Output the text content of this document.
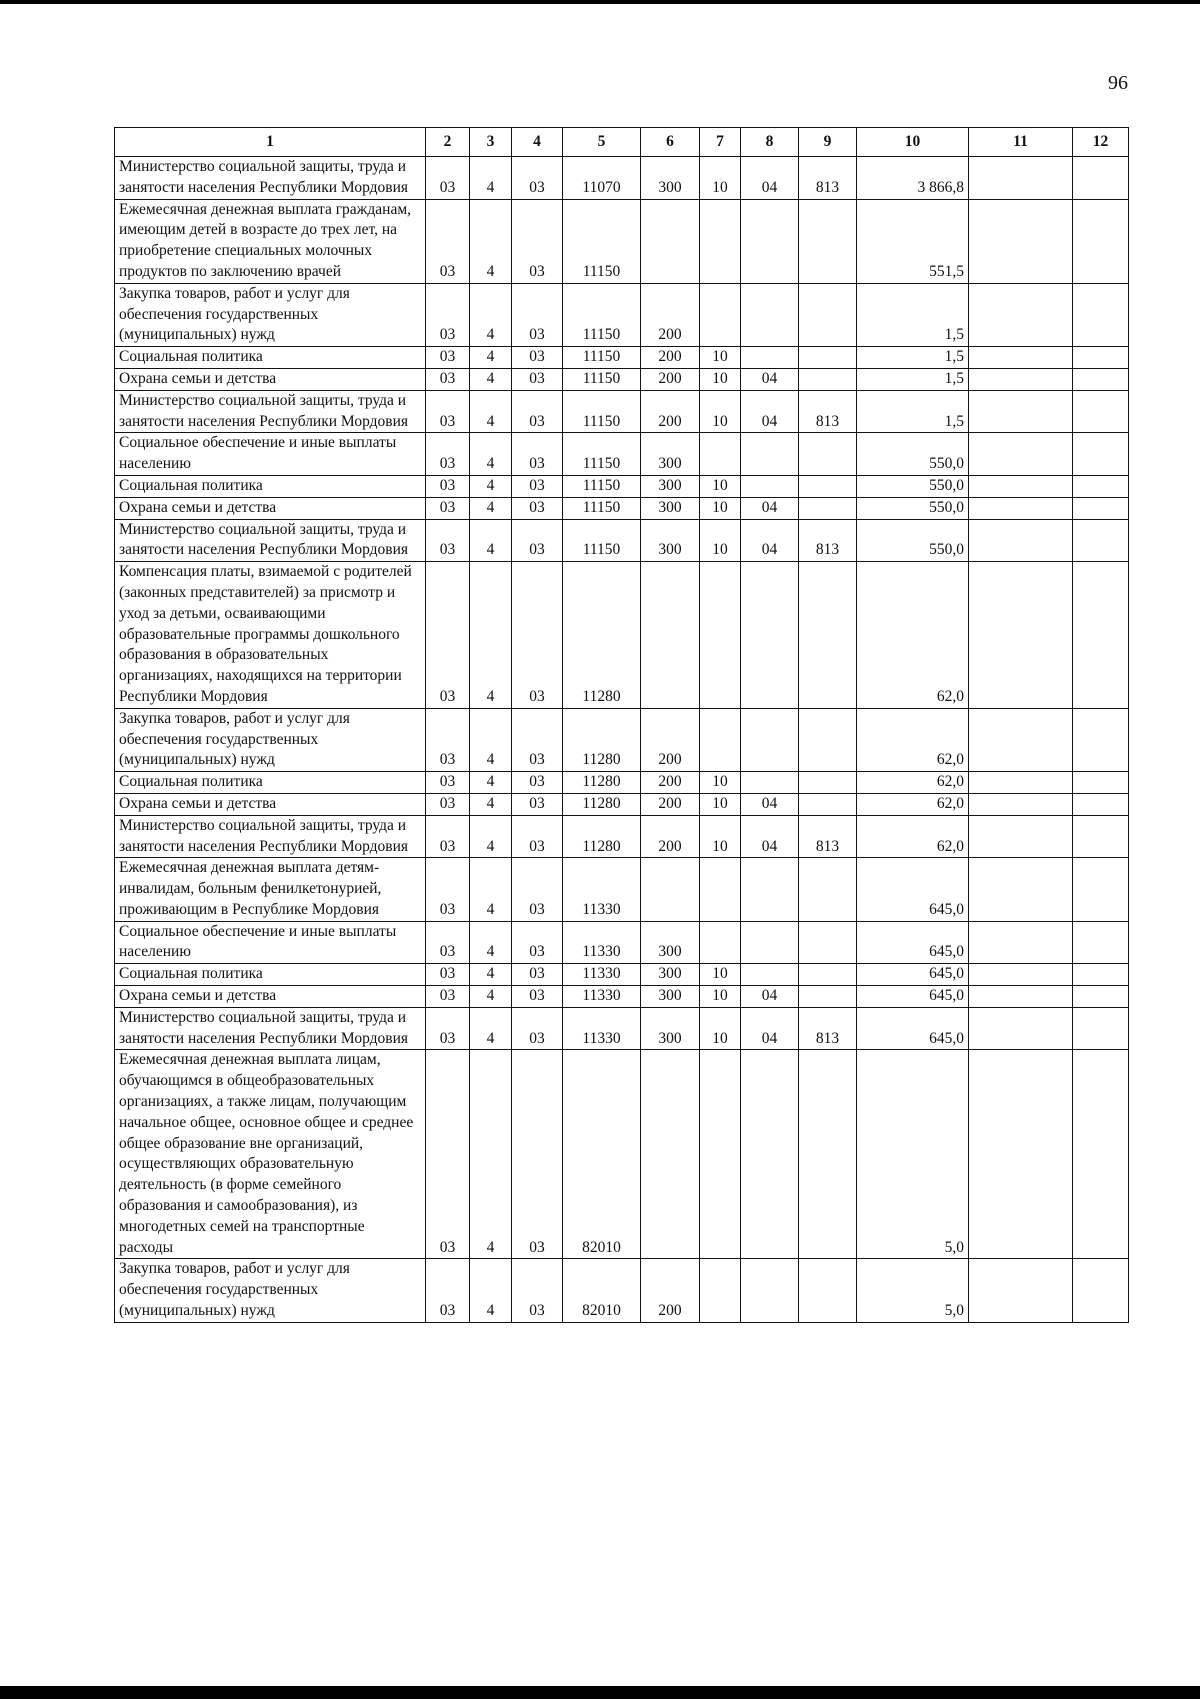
96
1	2	3	4	5	6	7	8	9	10	11	12
Министерство социальной защиты, труда и занятости населения Республики Мордовия	03	4	03	11070	300	10	04	813	3 866,8		
Ежемесячная денежная выплата гражданам, имеющим детей в возрасте до трех лет, на приобретение специальных молочных продуктов по заключению врачей	03	4	03	11150					551,5		
Закупка товаров, работ и услуг для обеспечения государственных (муниципальных) нужд	03	4	03	11150	200				1,5		
Социальная политика	03	4	03	11150	200	10			1,5		
Охрана семьи и детства	03	4	03	11150	200	10	04		1,5		
Министерство социальной защиты, труда и занятости населения Республики Мордовия	03	4	03	11150	200	10	04	813	1,5		
Социальное обеспечение и иные выплаты населению	03	4	03	11150	300				550,0		
Социальная политика	03	4	03	11150	300	10			550,0		
Охрана семьи и детства	03	4	03	11150	300	10	04		550,0		
Министерство социальной защиты, труда и занятости населения Республики Мордовия	03	4	03	11150	300	10	04	813	550,0		
Компенсация платы, взимаемой с родителей (законных представителей) за присмотр и уход за детьми, осваивающими образовательные программы дошкольного образования в образовательных организациях, находящихся на территории Республики Мордовия	03	4	03	11280					62,0		
Закупка товаров, работ и услуг для обеспечения государственных (муниципальных) нужд	03	4	03	11280	200				62,0		
Социальная политика	03	4	03	11280	200	10			62,0		
Охрана семьи и детства	03	4	03	11280	200	10	04		62,0		
Министерство социальной защиты, труда и занятости населения Республики Мордовия	03	4	03	11280	200	10	04	813	62,0		
Ежемесячная денежная выплата детям-инвалидам, больным фенилкетонурией, проживающим в Республике Мордовия	03	4	03	11330					645,0		
Социальное обеспечение и иные выплаты населению	03	4	03	11330	300				645,0		
Социальная политика	03	4	03	11330	300	10			645,0		
Охрана семьи и детства	03	4	03	11330	300	10	04		645,0		
Министерство социальной защиты, труда и занятости населения Республики Мордовия	03	4	03	11330	300	10	04	813	645,0		
Ежемесячная денежная выплата лицам, обучающимся в общеобразовательных организациях, а также лицам, получающим начальное общее, основное общее и среднее общее образование вне организаций, осуществляющих образовательную деятельность (в форме семейного образования и самообразования), из многодетных семей на транспортные расходы	03	4	03	82010					5,0		
Закупка товаров, работ и услуг для обеспечения государственных (муниципальных) нужд	03	4	03	82010	200				5,0		
